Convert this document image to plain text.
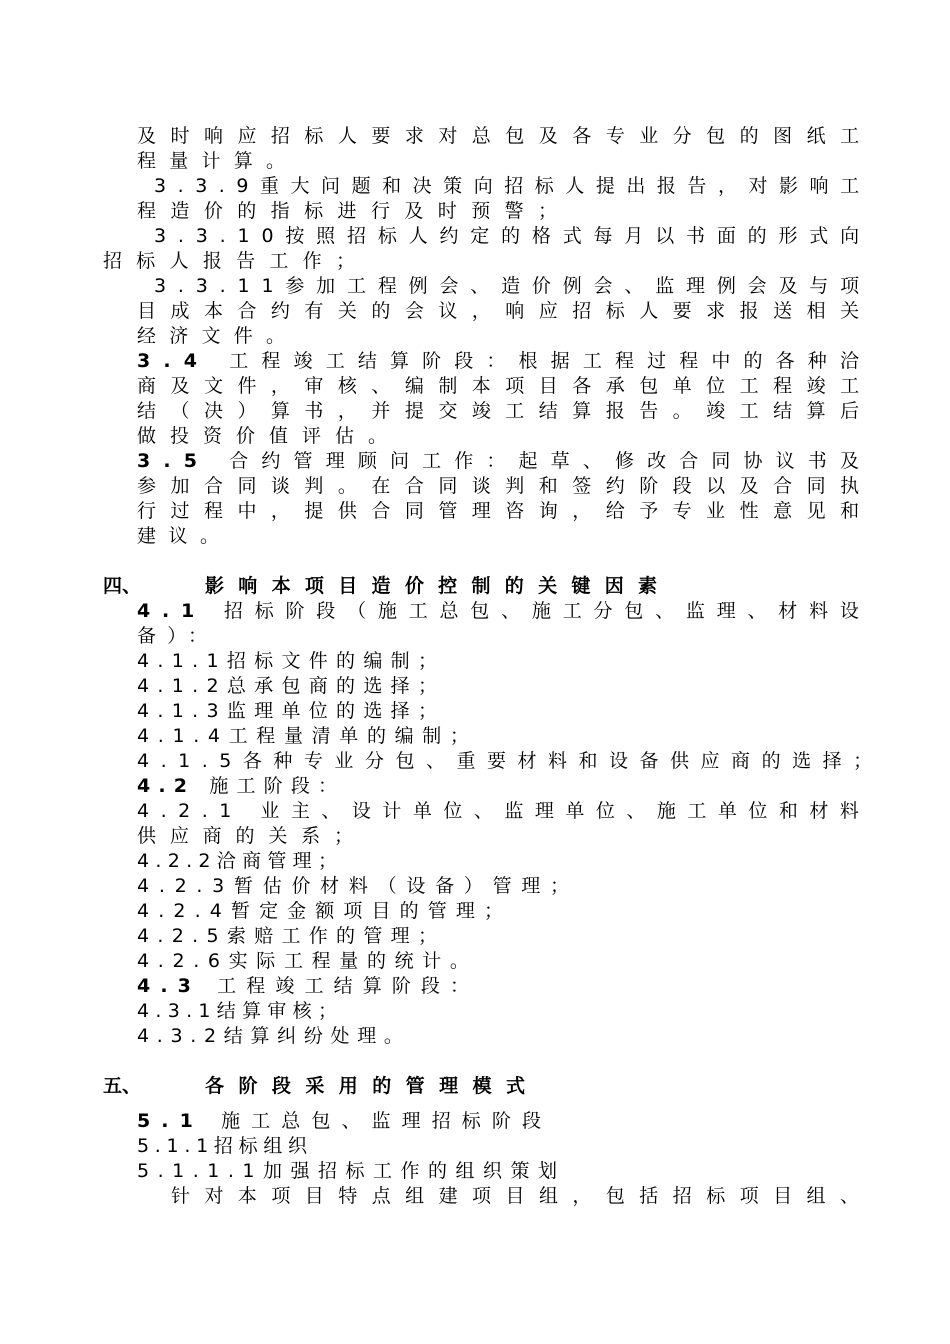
及时响应招标人要求对总包及各专业分包的图纸工
程量计算。
3.3.9重大问题和决策向招标人提出报告，对影响工
程造价的指标进行及时预警；
3.3.10按照招标人约定的格式每月以书面的形式向
招标人报告工作；
3.3.11参加工程例会、造价例会、监理例会及与项
目成本合约有关的会议，响应招标人要求报送相关
经济文件。
3.4 工程竣工结算阶段：根据工程过程中的各种洽
商及文件，审核、编制本项目各承包单位工程竣工
结（决）算书，并提交竣工结算报告。竣工结算后
做投资价值评估。
3.5 合约管理顾问工作：起草、修改合同协议书及
参加合同谈判。在合同谈判和签约阶段以及合同执
行过程中，提供合同管理咨询，给予专业性意见和
建议。
四、	影响本项目造价控制的关键因素
4.1 招标阶段（施工总包、施工分包、监理、材料设
备）：
4.1.1招标文件的编制；
4.1.2总承包商的选择；
4.1.3监理单位的选择；
4.1.4工程量清单的编制；
4.1.5各种专业分包、重要材料和设备供应商的选择；
4.2 施工阶段：
4.2.1 业主、设计单位、监理单位、施工单位和材料
供应商的关系；
4.2.2洽商管理；
4.2.3暂估价材料（设备）管理；
4.2.4暂定金额项目的管理；
4.2.5索赔工作的管理；
4.2.6实际工程量的统计。
4.3 工程竣工结算阶段：
4.3.1结算审核；
4.3.2结算纠纷处理。
五、	各阶段采用的管理模式
5.1 施工总包、监理招标阶段
5.1.1招标组织
5.1.1.1加强招标工作的组织策划
针对本项目特点组建项目组，包括招标项目组、
